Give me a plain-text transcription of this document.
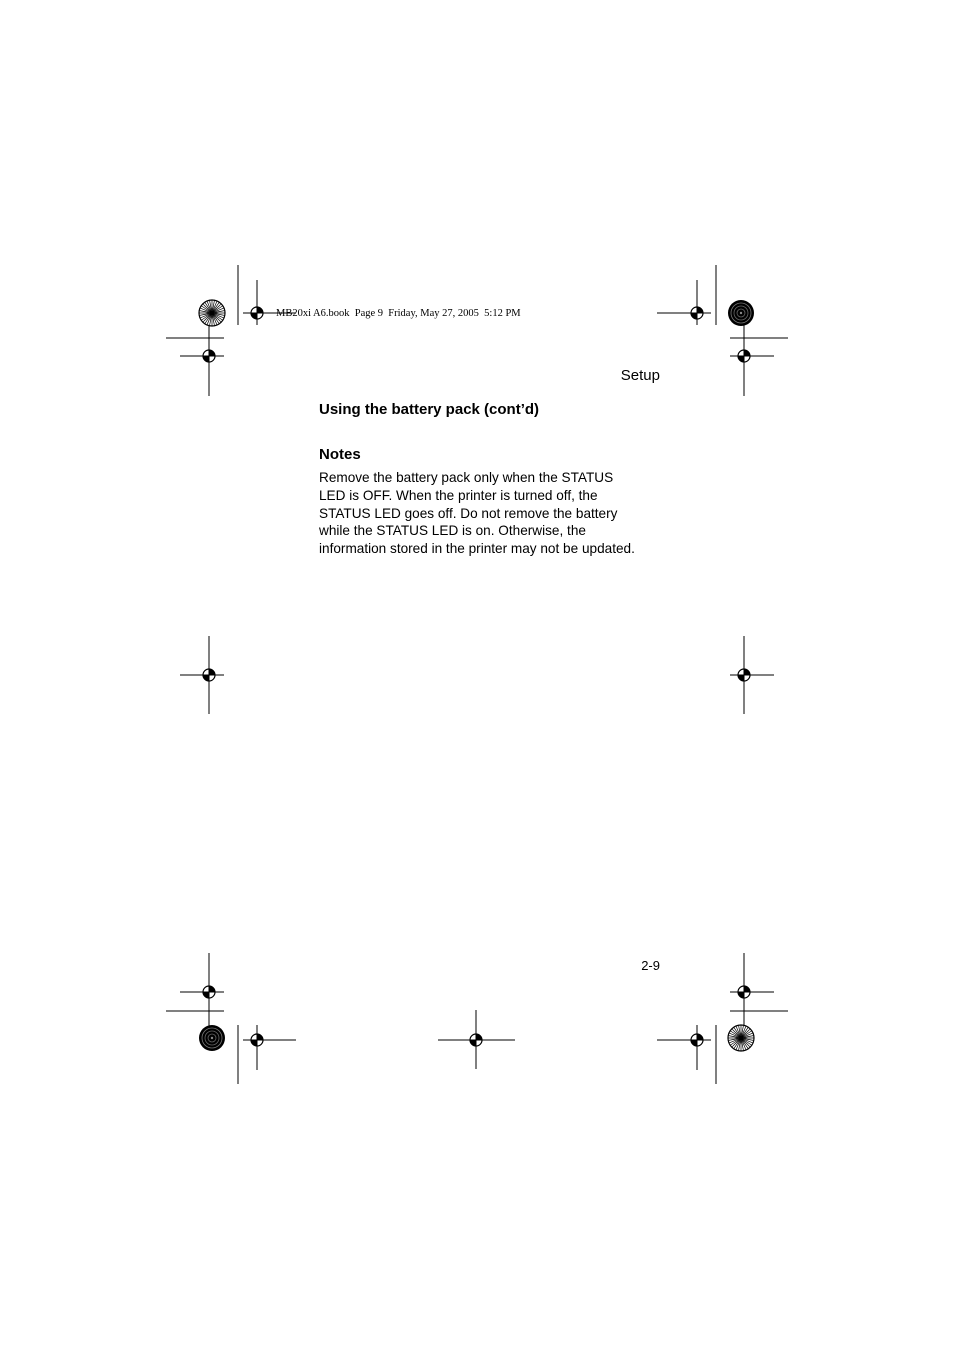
MB20xi A6.book  Page 9  Friday, May 27, 2005  5:12 PM
Setup
Using the battery pack (cont’d)
Notes
Remove the battery pack only when the STATUS
LED is OFF. When the printer is turned off, the
STATUS LED goes off. Do not remove the battery
while the STATUS LED is on. Otherwise, the
information stored in the printer may not be updated.
2-9
